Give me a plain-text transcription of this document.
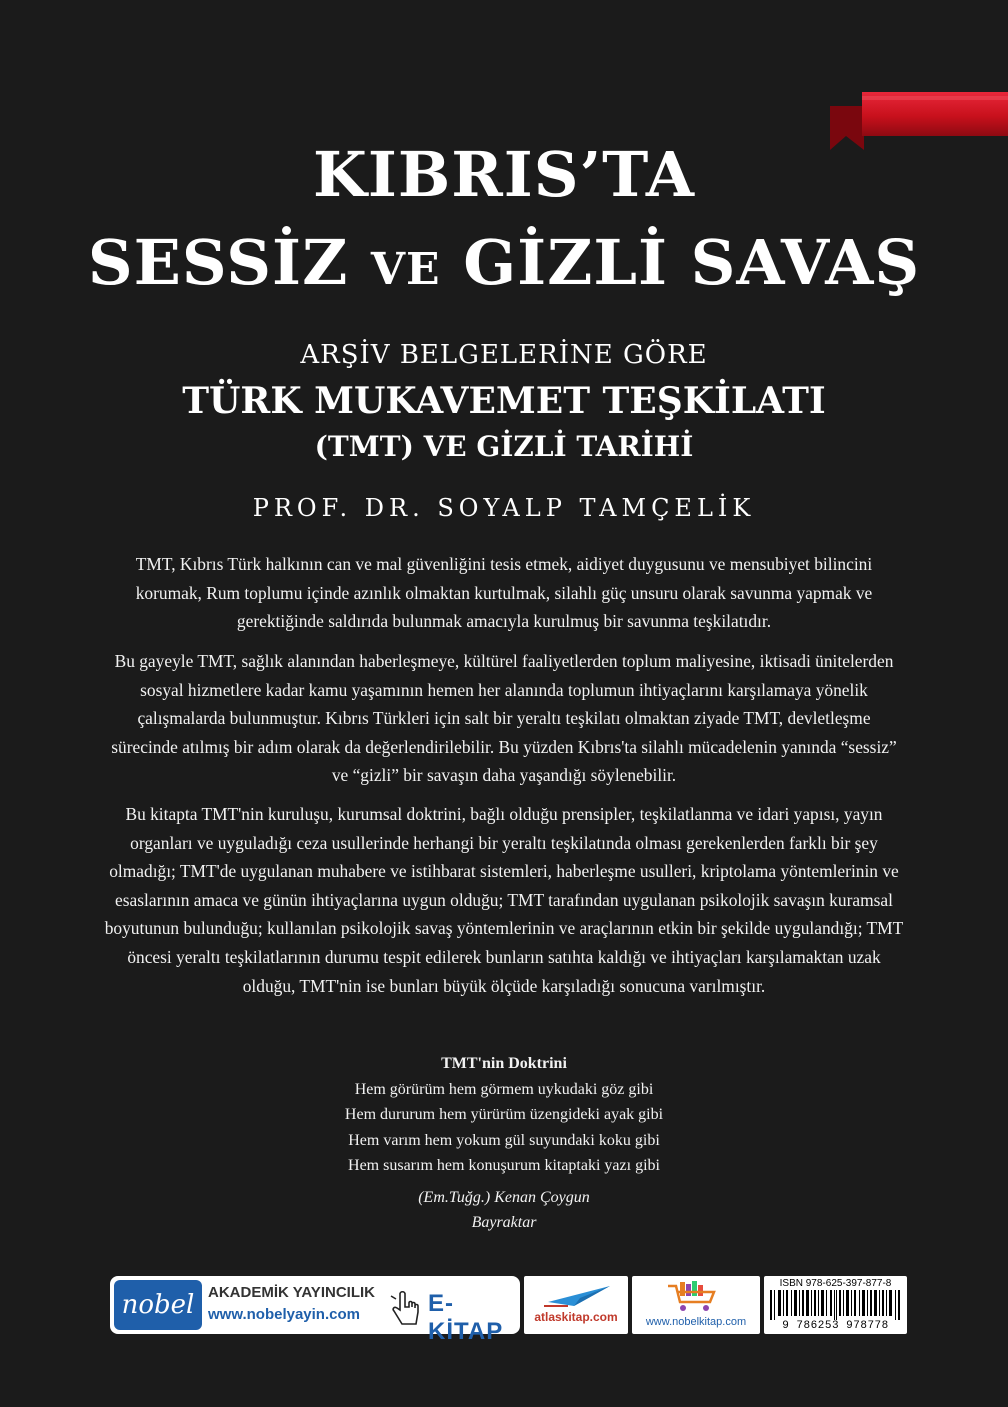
KIBRIS’TA
SESSİZ VE GİZLİ SAVAŞ
ARŞİV BELGELERİNE GÖRE
TÜRK MUKAVEMET TEŞKİLATI
(TMT) VE GİZLİ TARİHİ
PROF. DR. SOYALP TAMÇELİK
TMT, Kıbrıs Türk halkının can ve mal güvenliğini tesis etmek, aidiyet duygusunu ve mensubiyet bilincini korumak, Rum toplumu içinde azınlık olmaktan kurtulmak, silahlı güç unsuru olarak savunma yapmak ve gerektiğinde saldırıda bulunmak amacıyla kurulmuş bir savunma teşkilatıdır.
Bu gayeyle TMT, sağlık alanından haberleşmeye, kültürel faaliyetlerden toplum maliyesine, iktisadi ünitelerden sosyal hizmetlere kadar kamu yaşamının hemen her alanında toplumun ihtiyaçlarını karşılamaya yönelik çalışmalarda bulunmuştur. Kıbrıs Türkleri için salt bir yeraltı teşkilatı olmaktan ziyade TMT, devletleşme sürecinde atılmış bir adım olarak da değerlendirilebilir. Bu yüzden Kıbrıs'ta silahlı mücadelenin yanında “sessiz” ve “gizli” bir savaşın daha yaşandığı söylenebilir.
Bu kitapta TMT'nin kuruluşu, kurumsal doktrini, bağlı olduğu prensipler, teşkilatlanma ve idari yapısı, yayın organları ve uyguladığı ceza usullerinde herhangi bir yeraltı teşkilatında olması gerekenlerden farklı bir şey olmadığı; TMT'de uygulanan muhabere ve istihbarat sistemleri, haberleşme usulleri, kriptolama yöntemlerinin ve esaslarının amaca ve günün ihtiyaçlarına uygun olduğu; TMT tarafından uygulanan psikolojik savaşın kuramsal boyutunun bulunduğu; kullanılan psikolojik savaş yöntemlerinin ve araçlarının etkin bir şekilde uygulandığı; TMT öncesi yeraltı teşkilatlarının durumu tespit edilerek bunların satıhta kaldığı ve ihtiyaçları karşılamaktan uzak olduğu, TMT'nin ise bunları büyük ölçüde karşıladığı sonucuna varılmıştır.
TMT'nin Doktrini
Hem görürüm hem görmem uykudaki göz gibi
Hem dururum hem yürürüm üzengideki ayak gibi
Hem varım hem yokum gül suyundaki koku gibi
Hem susarım hem konuşurum kitaptaki yazı gibi
(Em.Tuğg.) Kenan Çoygun
Bayraktar
nobel AKADEMİK YAYINCILIK
www.nobelyayin.com	E-KİTAP
atlaskitap.com	www.nobelkitap.com
ISBN 978-625-397-877-8
9 786253 978778
